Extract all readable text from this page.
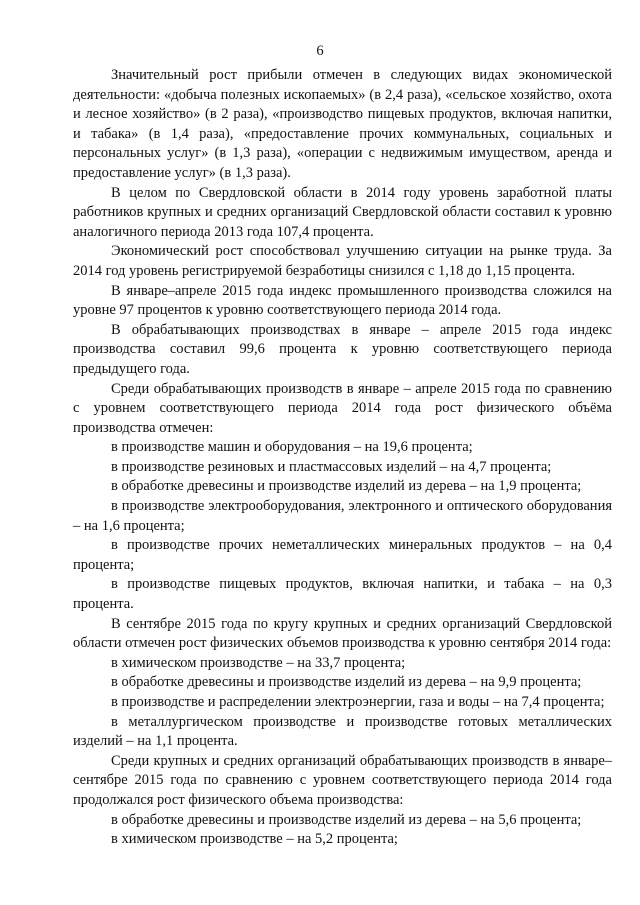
6

Значительный рост прибыли отмечен в следующих видах экономической деятельности: «добыча полезных ископаемых» (в 2,4 раза), «сельское хозяйство, охота и лесное хозяйство» (в 2 раза), «производство пищевых продуктов, включая напитки, и табака» (в 1,4 раза), «предоставление прочих коммунальных, социальных и персональных услуг» (в 1,3 раза), «операции с недвижимым имуществом, аренда и предоставление услуг» (в 1,3 раза).

В целом по Свердловской области в 2014 году уровень заработной платы работников крупных и средних организаций Свердловской области составил к уровню аналогичного периода 2013 года 107,4 процента.

Экономический рост способствовал улучшению ситуации на рынке труда. За 2014 год уровень регистрируемой безработицы снизился с 1,18 до 1,15 процента.

В январе–апреле 2015 года индекс промышленного производства сложился на уровне 97 процентов к уровню соответствующего периода 2014 года.

В обрабатывающих производствах в январе – апреле 2015 года индекс производства составил 99,6 процента к уровню соответствующего периода предыдущего года.

Среди обрабатывающих производств в январе – апреле 2015 года по сравнению с уровнем соответствующего периода 2014 года рост физического объёма производства отмечен:

в производстве машин и оборудования – на 19,6 процента;

в производстве резиновых и пластмассовых изделий – на 4,7 процента;

в обработке древесины и производстве изделий из дерева – на 1,9 процента;

в производстве электрооборудования, электронного и оптического оборудования – на 1,6 процента;

в производстве прочих неметаллических минеральных продуктов – на 0,4 процента;

в производстве пищевых продуктов, включая напитки, и табака – на 0,3 процента.

В сентябре 2015 года по кругу крупных и средних организаций Свердловской области отмечен рост физических объемов производства к уровню сентября 2014 года:

в химическом производстве – на 33,7 процента;

в обработке древесины и производстве изделий из дерева – на 9,9 процента;

в производстве и распределении электроэнергии, газа и воды – на 7,4 процента;

в металлургическом производстве и производстве готовых металлических изделий – на 1,1 процента.

Среди крупных и средних организаций обрабатывающих производств в январе–сентябре 2015 года по сравнению с уровнем соответствующего периода 2014 года продолжался рост физического объема производства:

в обработке древесины и производстве изделий из дерева – на 5,6 процента;

в химическом производстве – на 5,2 процента;
